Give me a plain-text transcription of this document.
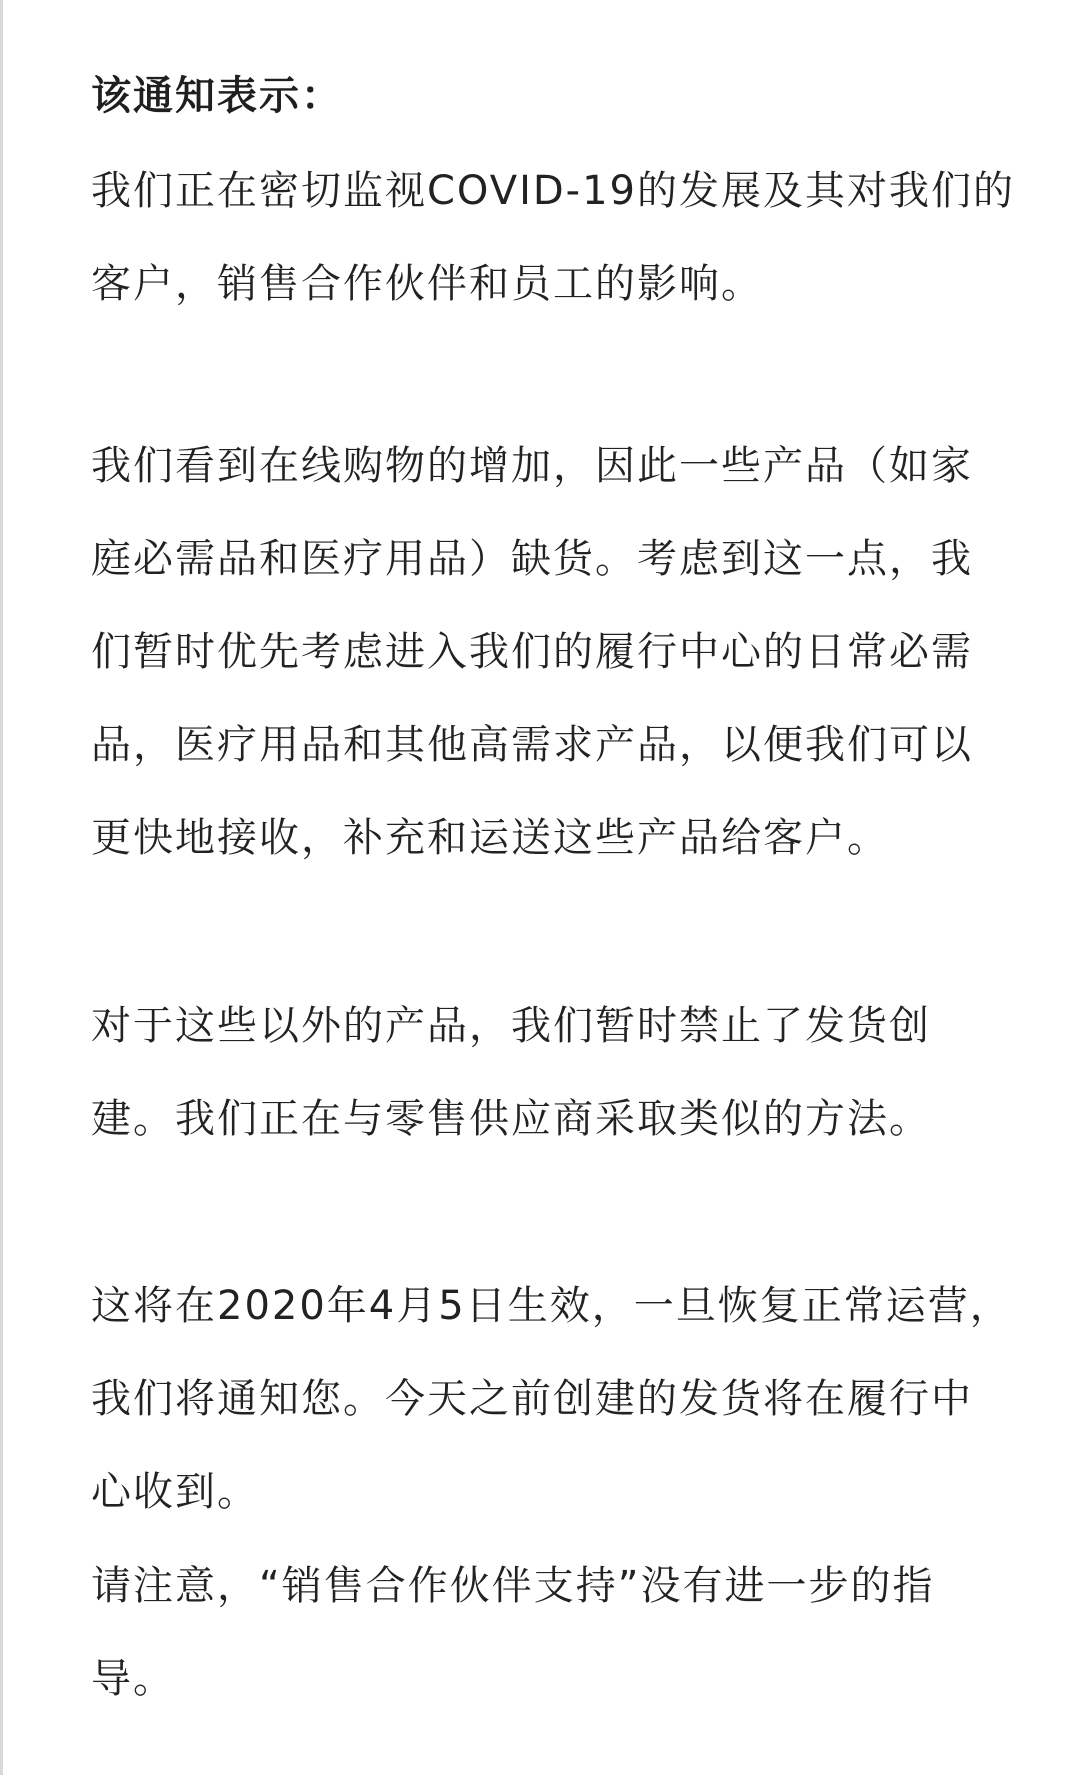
该通知表示：
我们正在密切监视COVID-19的发展及其对我们的
客户，销售合作伙伴和员工的影响。
我们看到在线购物的增加，因此一些产品（如家
庭必需品和医疗用品）缺货。考虑到这一点，我
们暂时优先考虑进入我们的履行中心的日常必需
品，医疗用品和其他高需求产品，以便我们可以
更快地接收，补充和运送这些产品给客户。
对于这些以外的产品，我们暂时禁止了发货创
建。我们正在与零售供应商采取类似的方法。
这将在2020年4月5日生效，一旦恢复正常运营，
我们将通知您。今天之前创建的发货将在履行中
心收到。
请注意，“销售合作伙伴支持”没有进一步的指
导。
